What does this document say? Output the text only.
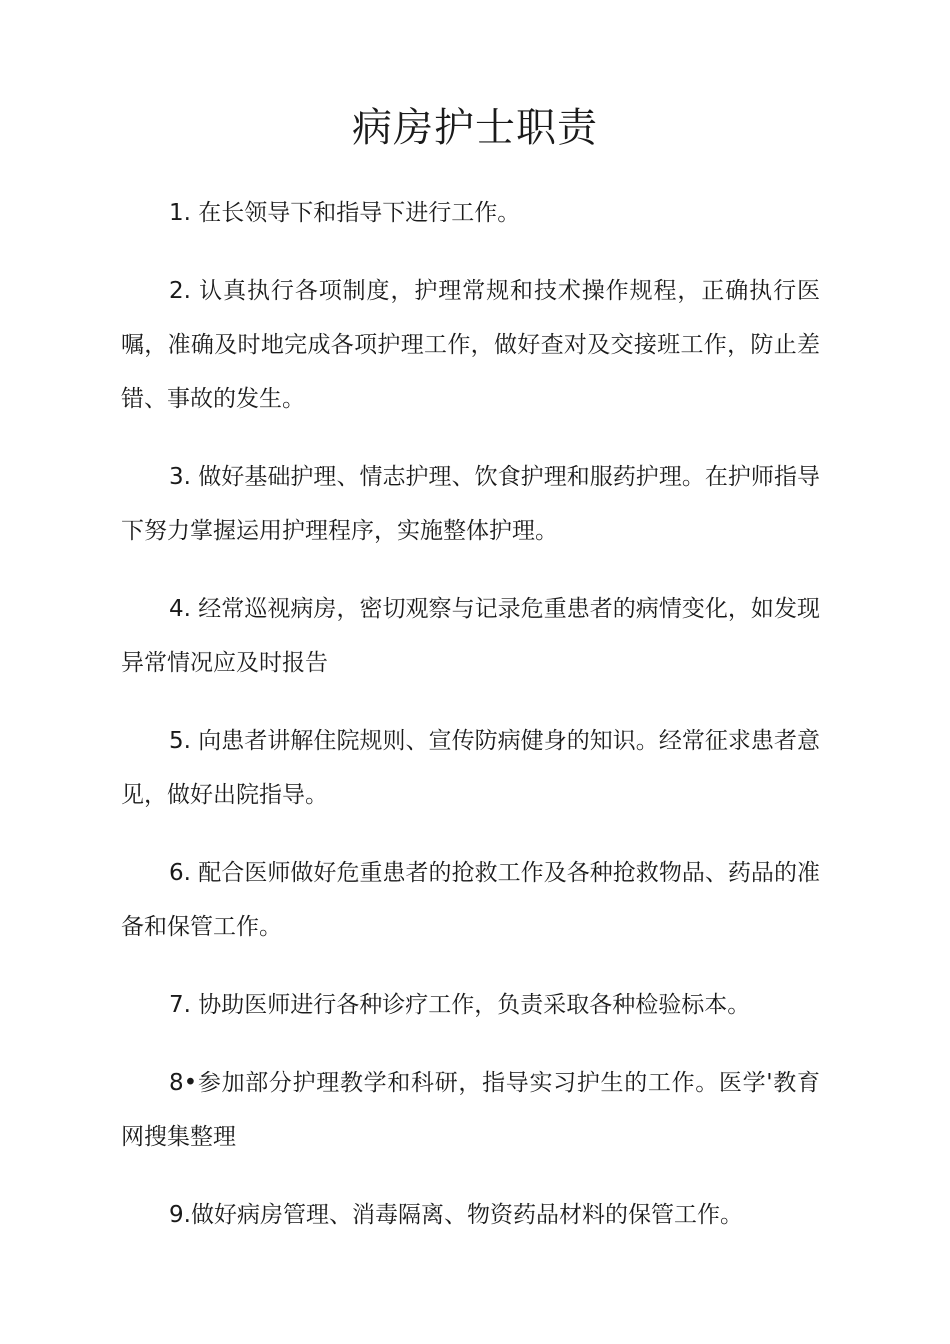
病房护士职责

1. 在长领导下和指导下进行工作。

2. 认真执行各项制度，护理常规和技术操作规程，正确执行医嘱，准确及时地完成各项护理工作，做好查对及交接班工作，防止差错、事故的发生。

3. 做好基础护理、情志护理、饮食护理和服药护理。在护师指导下努力掌握运用护理程序，实施整体护理。

4. 经常巡视病房，密切观察与记录危重患者的病情变化，如发现异常情况应及时报告

5. 向患者讲解住院规则、宣传防病健身的知识。经常征求患者意见，做好出院指导。

6. 配合医师做好危重患者的抢救工作及各种抢救物品、药品的准备和保管工作。

7. 协助医师进行各种诊疗工作，负责采取各种检验标本。

8•参加部分护理教学和科研，指导实习护生的工作。医学'教育网搜集整理

9.做好病房管理、消毒隔离、物资药品材料的保管工作。
